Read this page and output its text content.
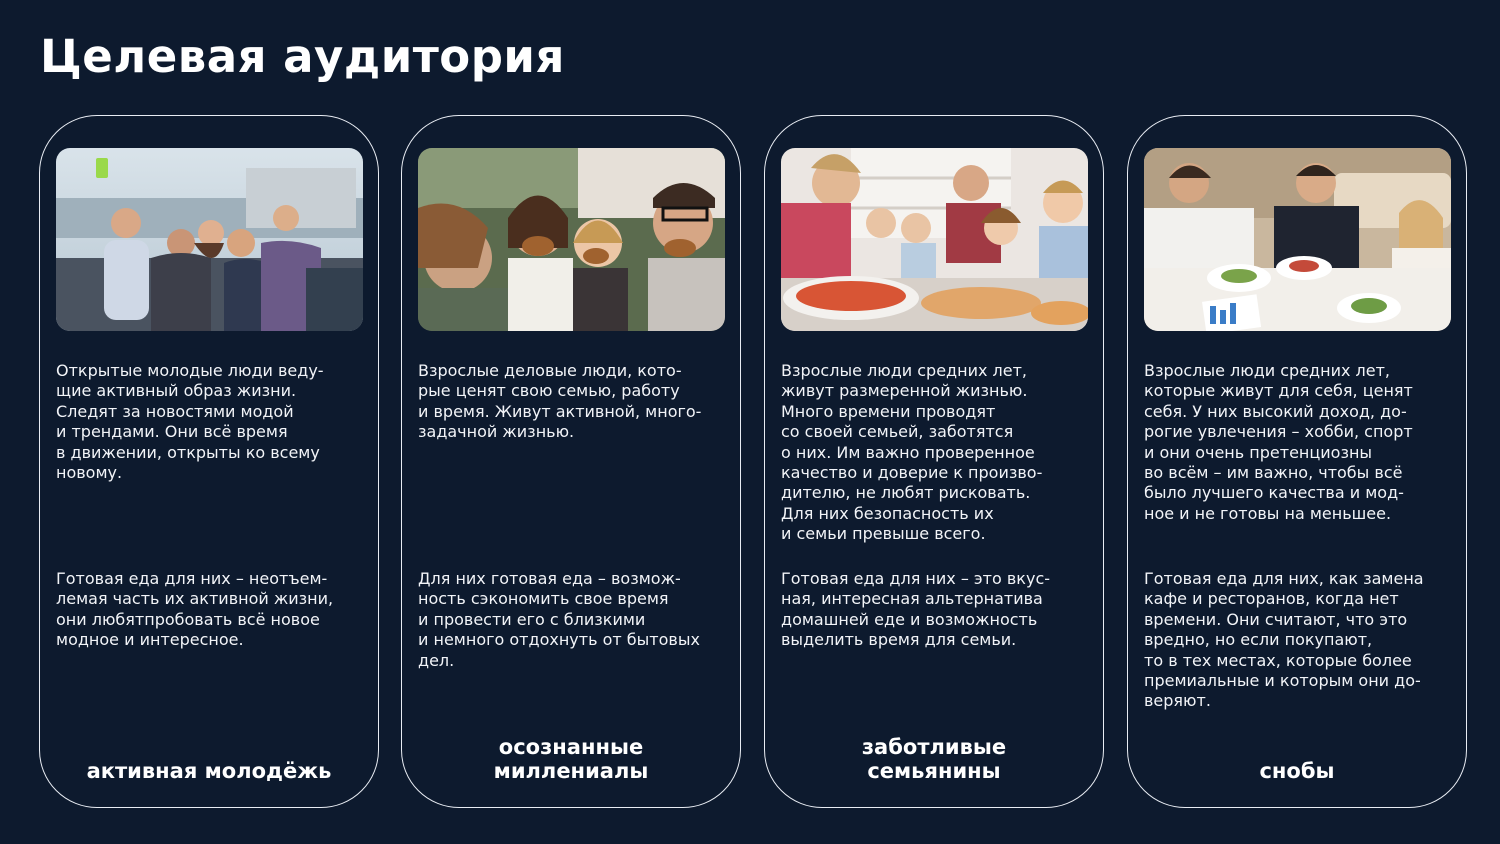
Целевая аудитория

Открытые молодые люди веду-
щие активный образ жизни.
Следят за новостями модой
и трендами. Они всё время
в движении, открыты ко всему
новому.

Готовая еда для них – неотъем-
лемая часть их активной жизни,
они любятпробовать всё новое
модное и интересное.

активная молодёжь

Взрослые деловые люди, кото-
рые ценят свою семью, работу
и время. Живут активной, много-
задачной жизнью.

Для них готовая еда – возмож-
ность сэкономить свое время
и провести его с близкими
и немного отдохнуть от бытовых
дел.

осознанные
миллениалы

Взрослые люди средних лет,
живут размеренной жизнью.
Много времени проводят
со своей семьей, заботятся
о них. Им важно проверенное
качество и доверие к произво-
дителю, не любят рисковать.
Для них безопасность их
и семьи превыше всего.

Готовая еда для них – это вкус-
ная, интересная альтернатива
домашней еде и возможность
выделить время для семьи.

заботливые
семьянины

Взрослые люди средних лет,
которые живут для себя, ценят
себя. У них высокий доход, до-
рогие увлечения – хобби, спорт
и они очень претенциозны
во всём – им важно, чтобы всё
было лучшего качества и мод-
ное и не готовы на меньшее.

Готовая еда для них, как замена
кафе и ресторанов, когда нет
времени. Они считают, что это
вредно, но если покупают,
то в тех местах, которые более
премиальные и которым они до-
веряют.

снобы
